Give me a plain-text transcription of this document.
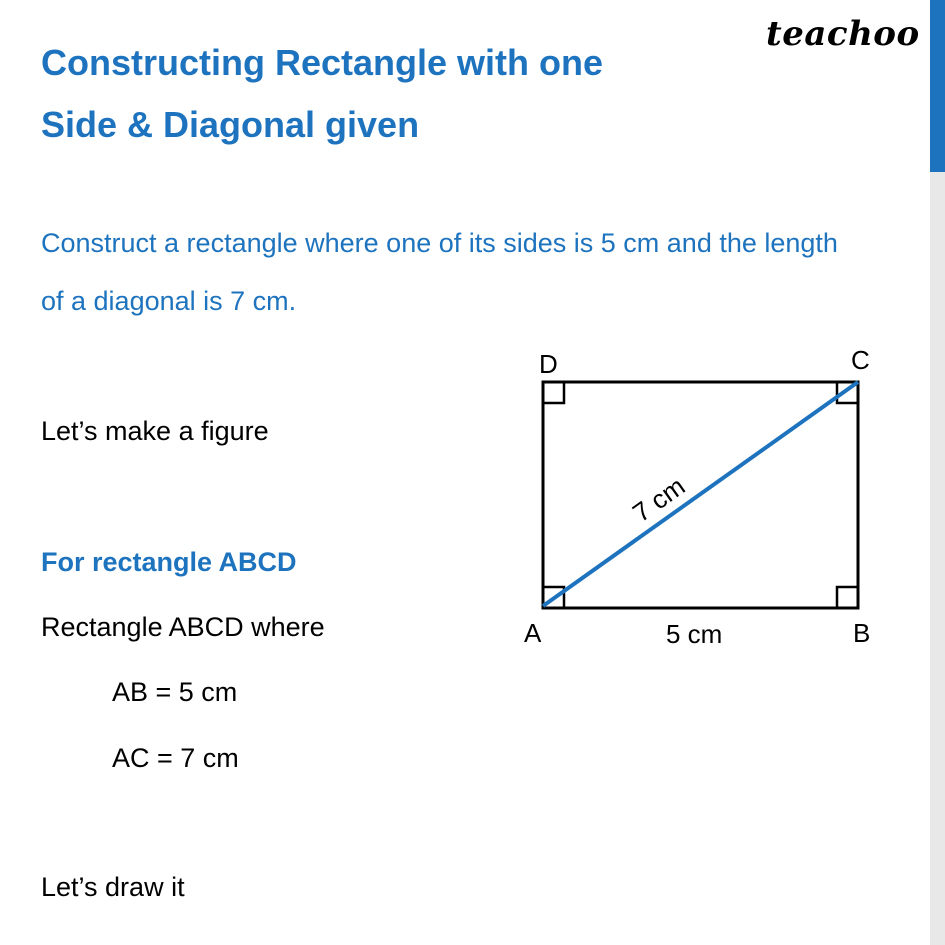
teachoo
Constructing Rectangle with one
Side & Diagonal given
Construct a rectangle where one of its sides is 5 cm and the length
of a diagonal is 7 cm.
Let’s make a figure
For rectangle ABCD
Rectangle ABCD where
AB = 5 cm
AC = 7 cm
Let’s draw it
D	C
A	B
5 cm
7 cm
